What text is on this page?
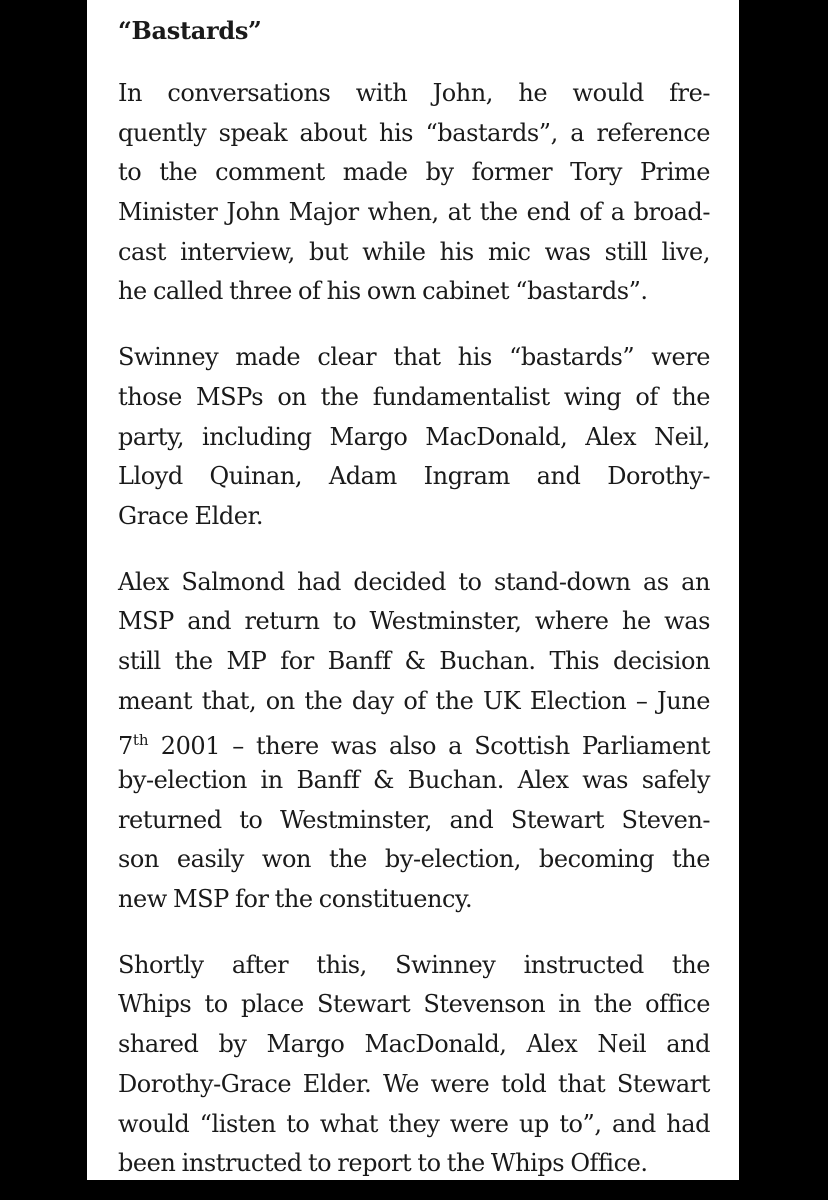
“Bastards”
In conversations with John, he would fre-
quently speak about his “bastards”, a reference
to the comment made by former Tory Prime
Minister John Major when, at the end of a broad-
cast interview, but while his mic was still live,
he called three of his own cabinet “bastards”.
Swinney made clear that his “bastards” were
those MSPs on the fundamentalist wing of the
party, including Margo MacDonald, Alex Neil,
Lloyd Quinan, Adam Ingram and Dorothy-
Grace Elder.
Alex Salmond had decided to stand-down as an
MSP and return to Westminster, where he was
still the MP for Banff & Buchan. This decision
meant that, on the day of the UK Election – June
7th 2001 – there was also a Scottish Parliament
by-election in Banff & Buchan. Alex was safely
returned to Westminster, and Stewart Steven-
son easily won the by-election, becoming the
new MSP for the constituency.
Shortly after this, Swinney instructed the
Whips to place Stewart Stevenson in the office
shared by Margo MacDonald, Alex Neil and
Dorothy-Grace Elder. We were told that Stewart
would “listen to what they were up to”, and had
been instructed to report to the Whips Office.
